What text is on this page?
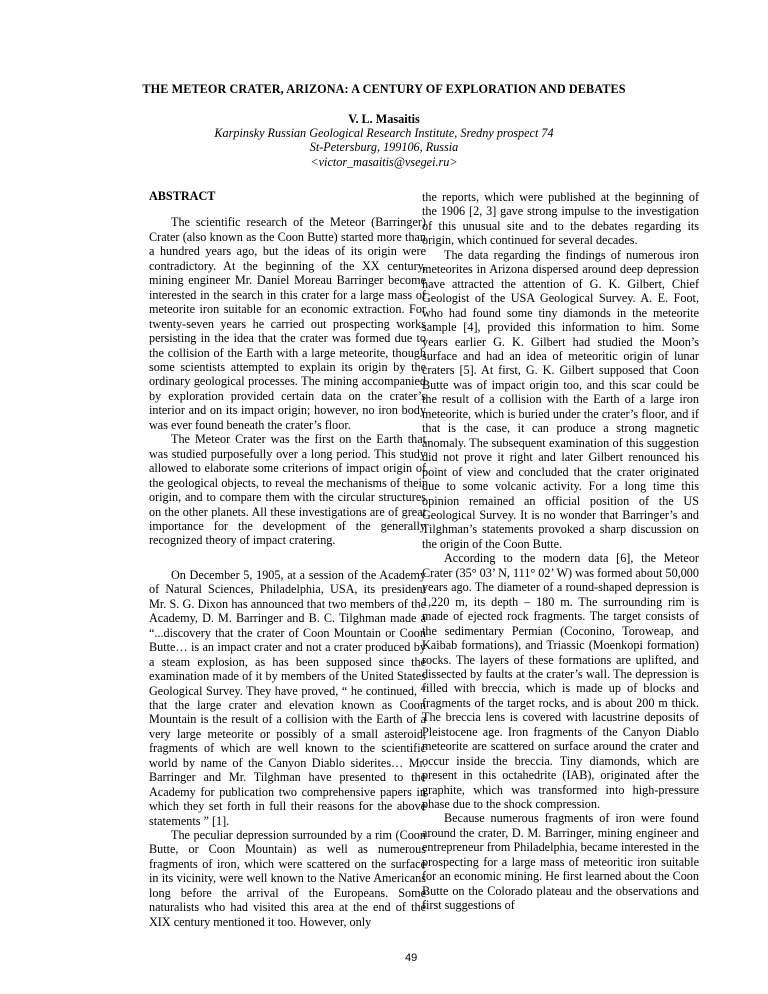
THE METEOR CRATER, ARIZONA: A CENTURY OF EXPLORATION AND DEBATES
V. L. Masaitis
Karpinsky Russian Geological Research Institute, Sredny prospect 74
St-Petersburg, 199106, Russia
<victor_masaitis@vsegei.ru>
ABSTRACT

The scientific research of the Meteor (Barringer) Crater (also known as the Coon Butte) started more than a hundred years ago, but the ideas of its origin were contradictory. At the beginning of the XX century, mining engineer Mr. Daniel Moreau Barringer become interested in the search in this crater for a large mass of meteorite iron suitable for an economic extraction. For twenty-seven years he carried out prospecting works persisting in the idea that the crater was formed due to the collision of the Earth with a large meteorite, though some scientists attempted to explain its origin by the ordinary geological processes. The mining accompanied by exploration provided certain data on the crater’s interior and on its impact origin; however, no iron body was ever found beneath the crater’s floor.

The Meteor Crater was the first on the Earth that was studied purposefully over a long period. This study allowed to elaborate some criterions of impact origin of the geological objects, to reveal the mechanisms of their origin, and to compare them with the circular structures on the other planets. All these investigations are of great importance for the development of the generally recognized theory of impact cratering.

On December 5, 1905, at a session of the Academy of Natural Sciences, Philadelphia, USA, its president Mr. S. G. Dixon has announced that two members of the Academy, D. M. Barringer and B. C. Tilghman made a “...discovery that the crater of Coon Mountain or Coon Butte… is an impact crater and not a crater produced by a steam explosion, as has been supposed since the examination made of it by members of the United States Geological Survey. They have proved, “ he continued, “ that the large crater and elevation known as Coon Mountain is the result of a collision with the Earth of a very large meteorite or possibly of a small asteroid, fragments of which are well known to the scientific world by name of the Canyon Diablo siderites… Mr. Barringer and Mr. Tilghman have presented to the Academy for publication two comprehensive papers in which they set forth in full their reasons for the above statements ” [1].

The peculiar depression surrounded by a rim (Coon Butte, or Coon Mountain) as well as numerous fragments of iron, which were scattered on the surface in its vicinity, were well known to the Native Americans long before the arrival of the Europeans. Some naturalists who had visited this area at the end of the XIX century mentioned it too. However, only

the reports, which were published at the beginning of the 1906 [2, 3] gave strong impulse to the investigation of this unusual site and to the debates regarding its origin, which continued for several decades.

The data regarding the findings of numerous iron meteorites in Arizona dispersed around deep depression have attracted the attention of G. K. Gilbert, Chief Geologist of the USA Geological Survey. A. E. Foot, who had found some tiny diamonds in the meteorite sample [4], provided this information to him. Some years earlier G. K. Gilbert had studied the Moon’s surface and had an idea of meteoritic origin of lunar craters [5]. At first, G. K. Gilbert supposed that Coon Butte was of impact origin too, and this scar could be the result of a collision with the Earth of a large iron meteorite, which is buried under the crater’s floor, and if that is the case, it can produce a strong magnetic anomaly. The subsequent examination of this suggestion did not prove it right and later Gilbert renounced his point of view and concluded that the crater originated due to some volcanic activity. For a long time this opinion remained an official position of the US Geological Survey. It is no wonder that Barringer’s and Tilghman’s statements provoked a sharp discussion on the origin of the Coon Butte.

According to the modern data [6], the Meteor Crater (35° 03’ N, 111° 02’ W) was formed about 50,000 years ago. The diameter of a round-shaped depression is 1,220 m, its depth – 180 m. The surrounding rim is made of ejected rock fragments. The target consists of the sedimentary Permian (Coconino, Toroweap, and Kaibab formations), and Triassic (Moenkopi formation) rocks. The layers of these formations are uplifted, and dissected by faults at the crater’s wall. The depression is filled with breccia, which is made up of blocks and fragments of the target rocks, and is about 200 m thick. The breccia lens is covered with lacustrine deposits of Pleistocene age. Iron fragments of the Canyon Diablo meteorite are scattered on surface around the crater and occur inside the breccia. Tiny diamonds, which are present in this octahedrite (IAB), originated after the graphite, which was transformed into high-pressure phase due to the shock compression.

Because numerous fragments of iron were found around the crater, D. M. Barringer, mining engineer and entrepreneur from Philadelphia, became interested in the prospecting for a large mass of meteoritic iron suitable for an economic mining. He first learned about the Coon Butte on the Colorado plateau and the observations and first suggestions of

49
